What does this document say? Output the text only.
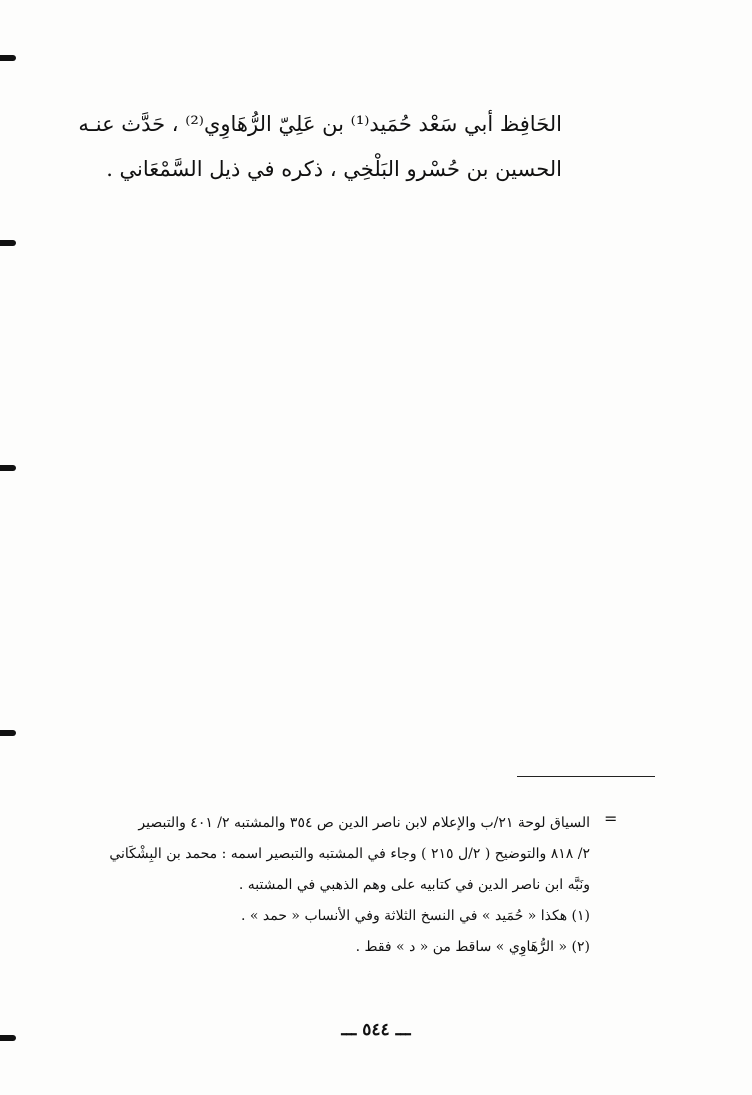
الحَافِظ أبي سَعْد حُمَيد⁽¹⁾ بن عَلِيّ الرُّهَاوِي⁽²⁾ ، حَدَّث عنـه
الحسين بن حُسْرو البَلْخِي ، ذكره في ذيل السَّمْعَاني .
=
السياق لوحة ٢١/ب والإعلام لابن ناصر الدين ص ٣٥٤ والمشتبه ٢/ ٤٠١ والتبصير
٢/ ٨١٨ والتوضيح ( ٢/ل ٢١٥ ) وجاء في المشتبه والتبصير اسمه : محمد بن البِشْكَاني
ونَبَّه ابن ناصر الدين في كتابيه على وهم الذهبي في المشتبه .
(١) هكذا « حُمَيد » في النسخ الثلاثة وفي الأنساب « حمد » .
(٢) « الرُّهَاوِي » ساقط من « د » فقط .
ـــ ٥٤٤ ـــ
